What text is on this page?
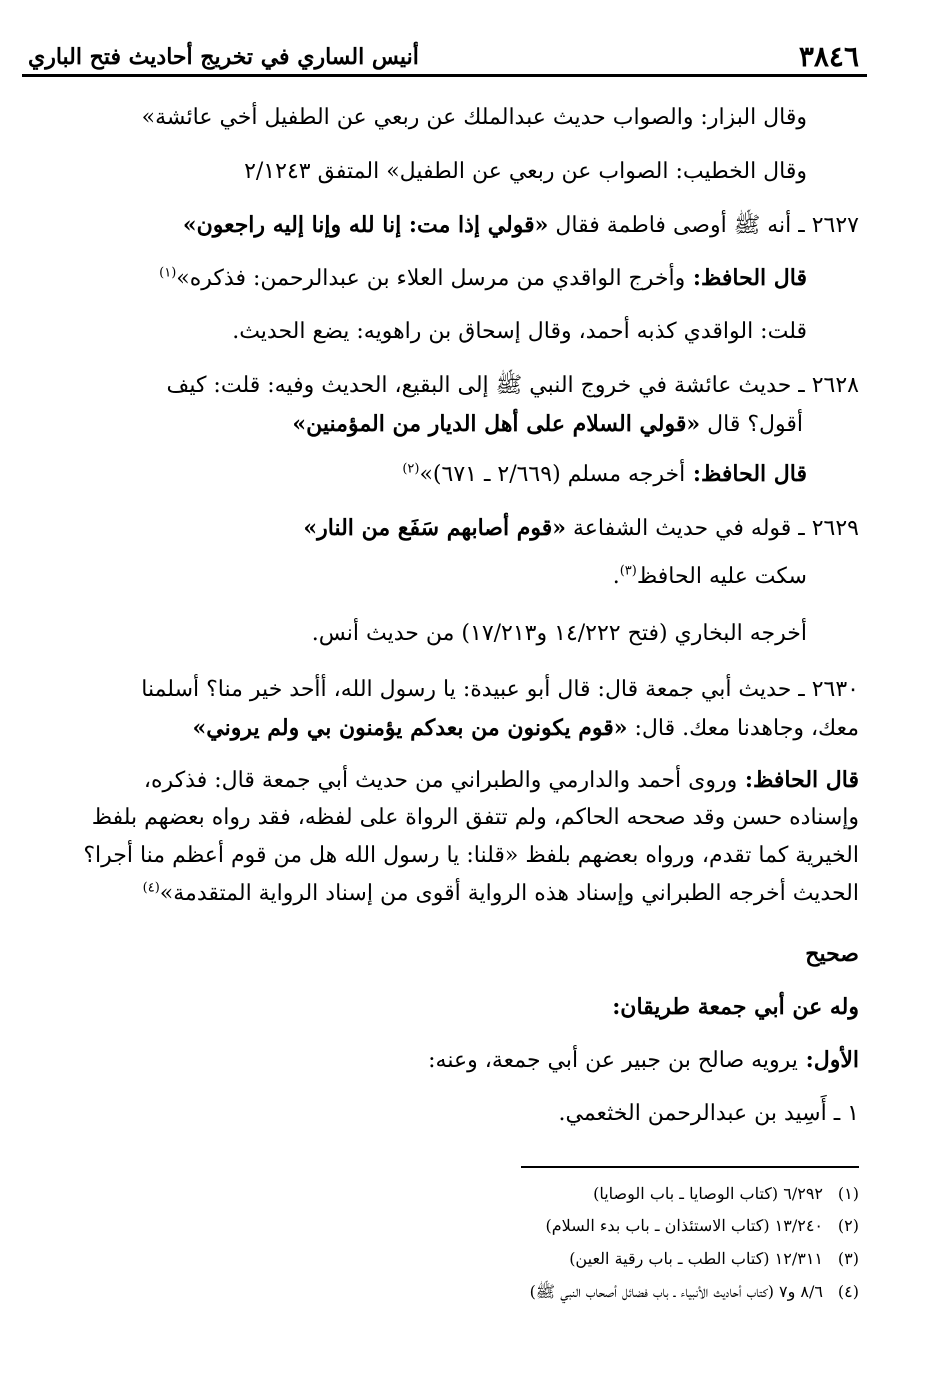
٣٨٤٦
أنيس الساري في تخريج أحاديث فتح الباري
وقال البزار: والصواب حديث عبدالملك عن ربعي عن الطفيل أخي عائشة»
وقال الخطيب: الصواب عن ربعي عن الطفيل» المتفق ٢/١٢٤٣
٢٦٢٧ ـ أنه ﷺ أوصى فاطمة فقال «قولي إذا مت: إنا لله وإنا إليه راجعون»
قال الحافظ: وأخرج الواقدي من مرسل العلاء بن عبدالرحمن: فذكره»$^{(١)}$
قلت: الواقدي كذبه أحمد، وقال إسحاق بن راهويه: يضع الحديث.
٢٦٢٨ ـ حديث عائشة في خروج النبي ﷺ إلى البقيع، الحديث وفيه: قلت: كيف
أقول؟ قال «قولي السلام على أهل الديار من المؤمنين»
قال الحافظ: أخرجه مسلم (٢/٦٦٩ ـ ٦٧١)»$^{(٢)}$
٢٦٢٩ ـ قوله في حديث الشفاعة «قوم أصابهم سَفَع من النار»
سكت عليه الحافظ$^{(٣)}$.
أخرجه البخاري (فتح ١٤/٢٢٢ و١٧/٢١٣) من حديث أنس.
٢٦٣٠ ـ حديث أبي جمعة قال: قال أبو عبيدة: يا رسول الله، أأحد خير منا؟ أسلمنا
معك، وجاهدنا معك. قال: «قوم يكونون من بعدكم يؤمنون بي ولم يروني»
قال الحافظ: وروى أحمد والدارمي والطبراني من حديث أبي جمعة قال: فذكره،
وإسناده حسن وقد صححه الحاكم، ولم تتفق الرواة على لفظه، فقد رواه بعضهم بلفظ
الخيرية كما تقدم، ورواه بعضهم بلفظ «قلنا: يا رسول الله هل من قوم أعظم منا أجرا؟
الحديث أخرجه الطبراني وإسناد هذه الرواية أقوى من إسناد الرواية المتقدمة»$^{(٤)}$
صحيح
وله عن أبي جمعة طريقان:
الأول: يرويه صالح بن جبير عن أبي جمعة، وعنه:
١ ـ أَسِيد بن عبدالرحمن الخثعمي.
(١)٦/٢٩٢ (كتاب الوصايا ـ باب الوصايا)
(٢)١٣/٢٤٠ (كتاب الاستئذان ـ باب بدء السلام)
(٣)١٢/٣١١ (كتاب الطب ـ باب رقية العين)
(٤)٨/٦ و٧ (كتاب أحاديث الأنبياء ـ باب فضائل أصحاب النبي ﷺ)
